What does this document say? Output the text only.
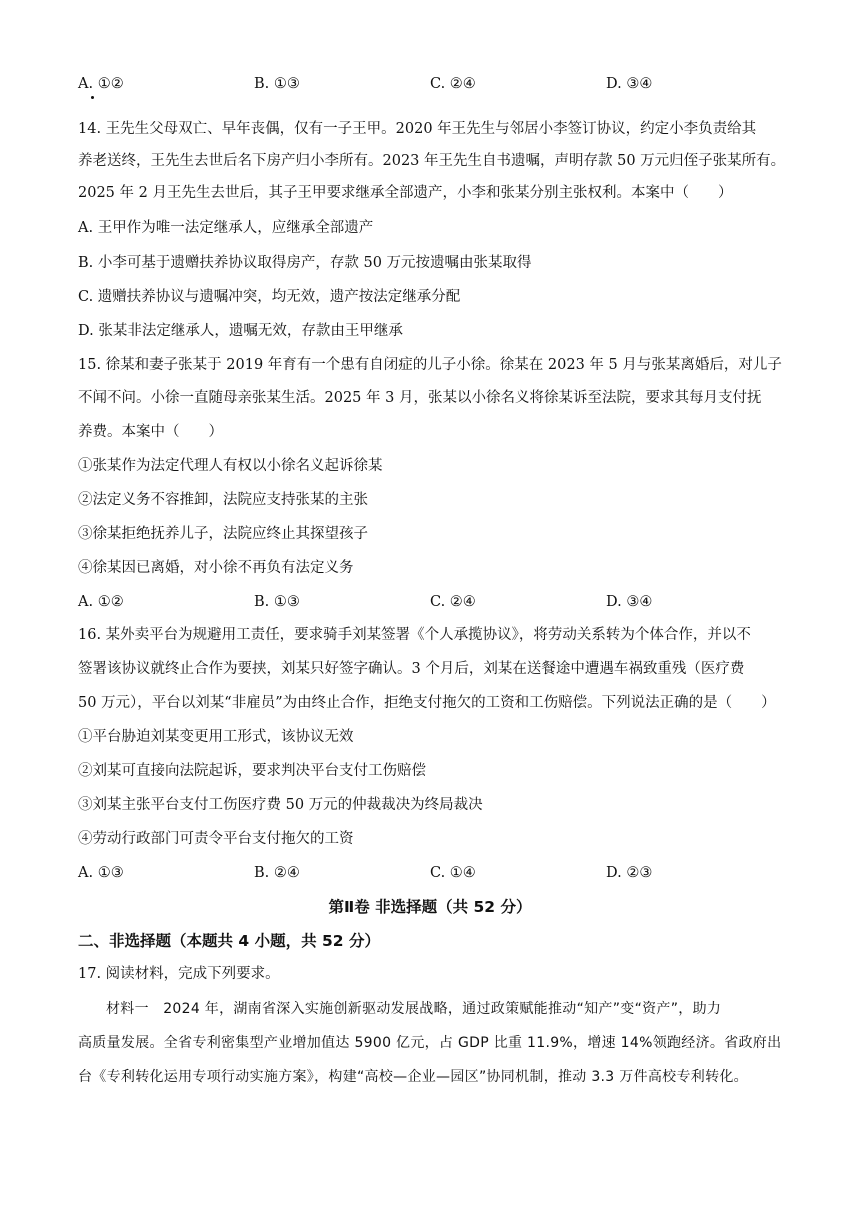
A. ①②	B. ①③	C. ②④	D. ③④
14. 王先生父母双亡、早年丧偶，仅有一子王甲。2020 年王先生与邻居小李签订协议，约定小李负责给其
养老送终，王先生去世后名下房产归小李所有。2023 年王先生自书遗嘱，声明存款 50 万元归侄子张某所有。
2025 年 2 月王先生去世后，其子王甲要求继承全部遗产，小李和张某分别主张权利。本案中（　　）
A. 王甲作为唯一法定继承人，应继承全部遗产
B. 小李可基于遗赠扶养协议取得房产，存款 50 万元按遗嘱由张某取得
C. 遗赠扶养协议与遗嘱冲突，均无效，遗产按法定继承分配
D. 张某非法定继承人，遗嘱无效，存款由王甲继承
15. 徐某和妻子张某于 2019 年育有一个患有自闭症的儿子小徐。徐某在 2023 年 5 月与张某离婚后，对儿子
不闻不问。小徐一直随母亲张某生活。2025 年 3 月，张某以小徐名义将徐某诉至法院，要求其每月支付抚
养费。本案中（　　）
①张某作为法定代理人有权以小徐名义起诉徐某
②法定义务不容推卸，法院应支持张某的主张
③徐某拒绝抚养儿子，法院应终止其探望孩子
④徐某因已离婚，对小徐不再负有法定义务
A. ①②	B. ①③	C. ②④	D. ③④
16. 某外卖平台为规避用工责任，要求骑手刘某签署《个人承揽协议》，将劳动关系转为个体合作，并以不
签署该协议就终止合作为要挟，刘某只好签字确认。3 个月后，刘某在送餐途中遭遇车祸致重残（医疗费
50 万元），平台以刘某“非雇员”为由终止合作，拒绝支付拖欠的工资和工伤赔偿。下列说法正确的是（　　）
①平台胁迫刘某变更用工形式，该协议无效
②刘某可直接向法院起诉，要求判决平台支付工伤赔偿
③刘某主张平台支付工伤医疗费 50 万元的仲裁裁决为终局裁决
④劳动行政部门可责令平台支付拖欠的工资
A. ①③	B. ②④	C. ①④	D. ②③
第Ⅱ卷 非选择题（共 52 分）
二、非选择题（本题共 4 小题，共 52 分）
17. 阅读材料，完成下列要求。
材料一　2024 年，湖南省深入实施创新驱动发展战略，通过政策赋能推动“知产”变“资产”，助力
高质量发展。全省专利密集型产业增加值达 5900 亿元，占 GDP 比重 11.9%，增速 14%领跑经济。省政府出
台《专利转化运用专项行动实施方案》，构建“高校—企业—园区”协同机制，推动 3.3 万件高校专利转化。
